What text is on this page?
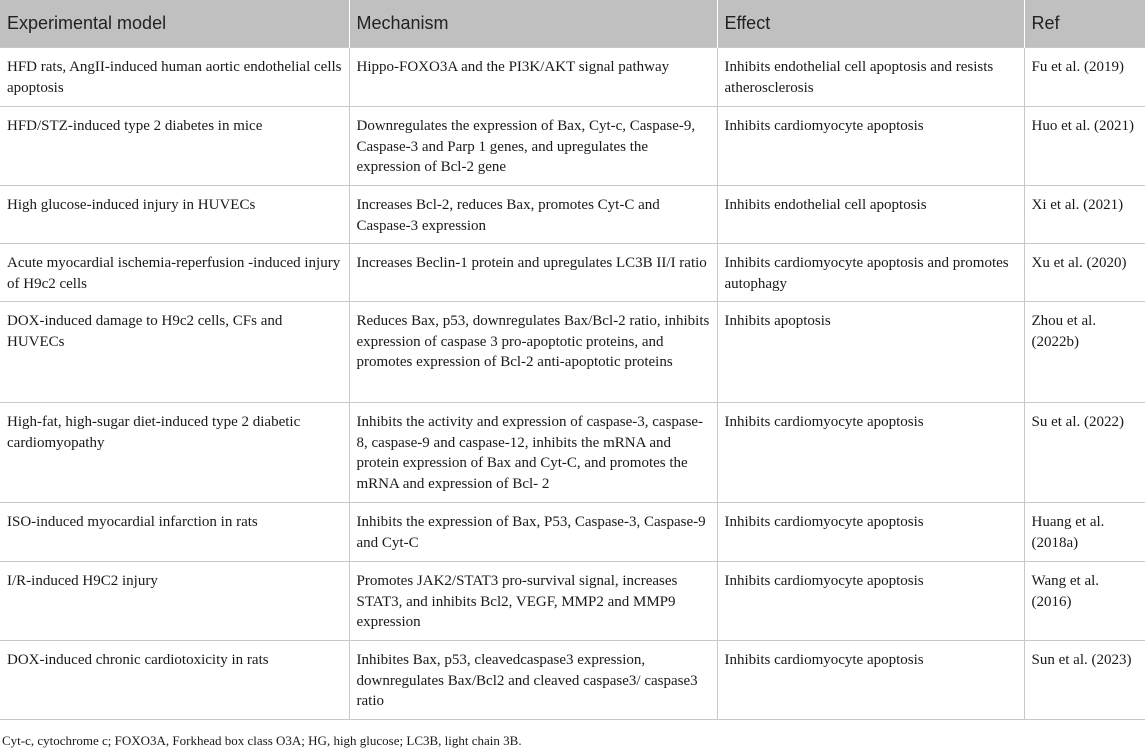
Experimental model	Mechanism	Effect	Ref
HFD rats, AngII-induced human aortic endothelial cells apoptosis	Hippo-FOXO3A and the PI3K/AKT signal pathway	Inhibits endothelial cell apoptosis and resists atherosclerosis	Fu et al. (2019)
HFD/STZ-induced type 2 diabetes in mice	Downregulates the expression of Bax, Cyt-c, Caspase-9, Caspase-3 and Parp 1 genes, and upregulates the expression of Bcl-2 gene	Inhibits cardiomyocyte apoptosis	Huo et al. (2021)
High glucose-induced injury in HUVECs	Increases Bcl-2, reduces Bax, promotes Cyt-C and Caspase-3 expression	Inhibits endothelial cell apoptosis	Xi et al. (2021)
Acute myocardial ischemia-reperfusion -induced injury of H9c2 cells	Increases Beclin-1 protein and upregulates LC3B II/I ratio	Inhibits cardiomyocyte apoptosis and promotes autophagy	Xu et al. (2020)
DOX-induced damage to H9c2 cells, CFs and HUVECs	Reduces Bax, p53, downregulates Bax/Bcl-2 ratio, inhibits expression of caspase 3 pro-apoptotic proteins, and promotes expression of Bcl-2 anti-apoptotic proteins	Inhibits apoptosis	Zhou et al. (2022b)
High-fat, high-sugar diet-induced type 2 diabetic cardiomyopathy	Inhibits the activity and expression of caspase-3, caspase-8, caspase-9 and caspase-12, inhibits the mRNA and protein expression of Bax and Cyt-C, and promotes the mRNA and expression of Bcl- 2	Inhibits cardiomyocyte apoptosis	Su et al. (2022)
ISO-induced myocardial infarction in rats	Inhibits the expression of Bax, P53, Caspase-3, Caspase-9 and Cyt-C	Inhibits cardiomyocyte apoptosis	Huang et al. (2018a)
I/R-induced H9C2 injury	Promotes JAK2/STAT3 pro-survival signal, increases STAT3, and inhibits Bcl2, VEGF, MMP2 and MMP9 expression	Inhibits cardiomyocyte apoptosis	Wang et al. (2016)
DOX-induced chronic cardiotoxicity in rats	Inhibites Bax, p53, cleavedcaspase3 expression, downregulates Bax/Bcl2 and cleaved caspase3/ caspase3 ratio	Inhibits cardiomyocyte apoptosis	Sun et al. (2023)
Cyt-c, cytochrome c; FOXO3A, Forkhead box class O3A; HG, high glucose; LC3B, light chain 3B.
